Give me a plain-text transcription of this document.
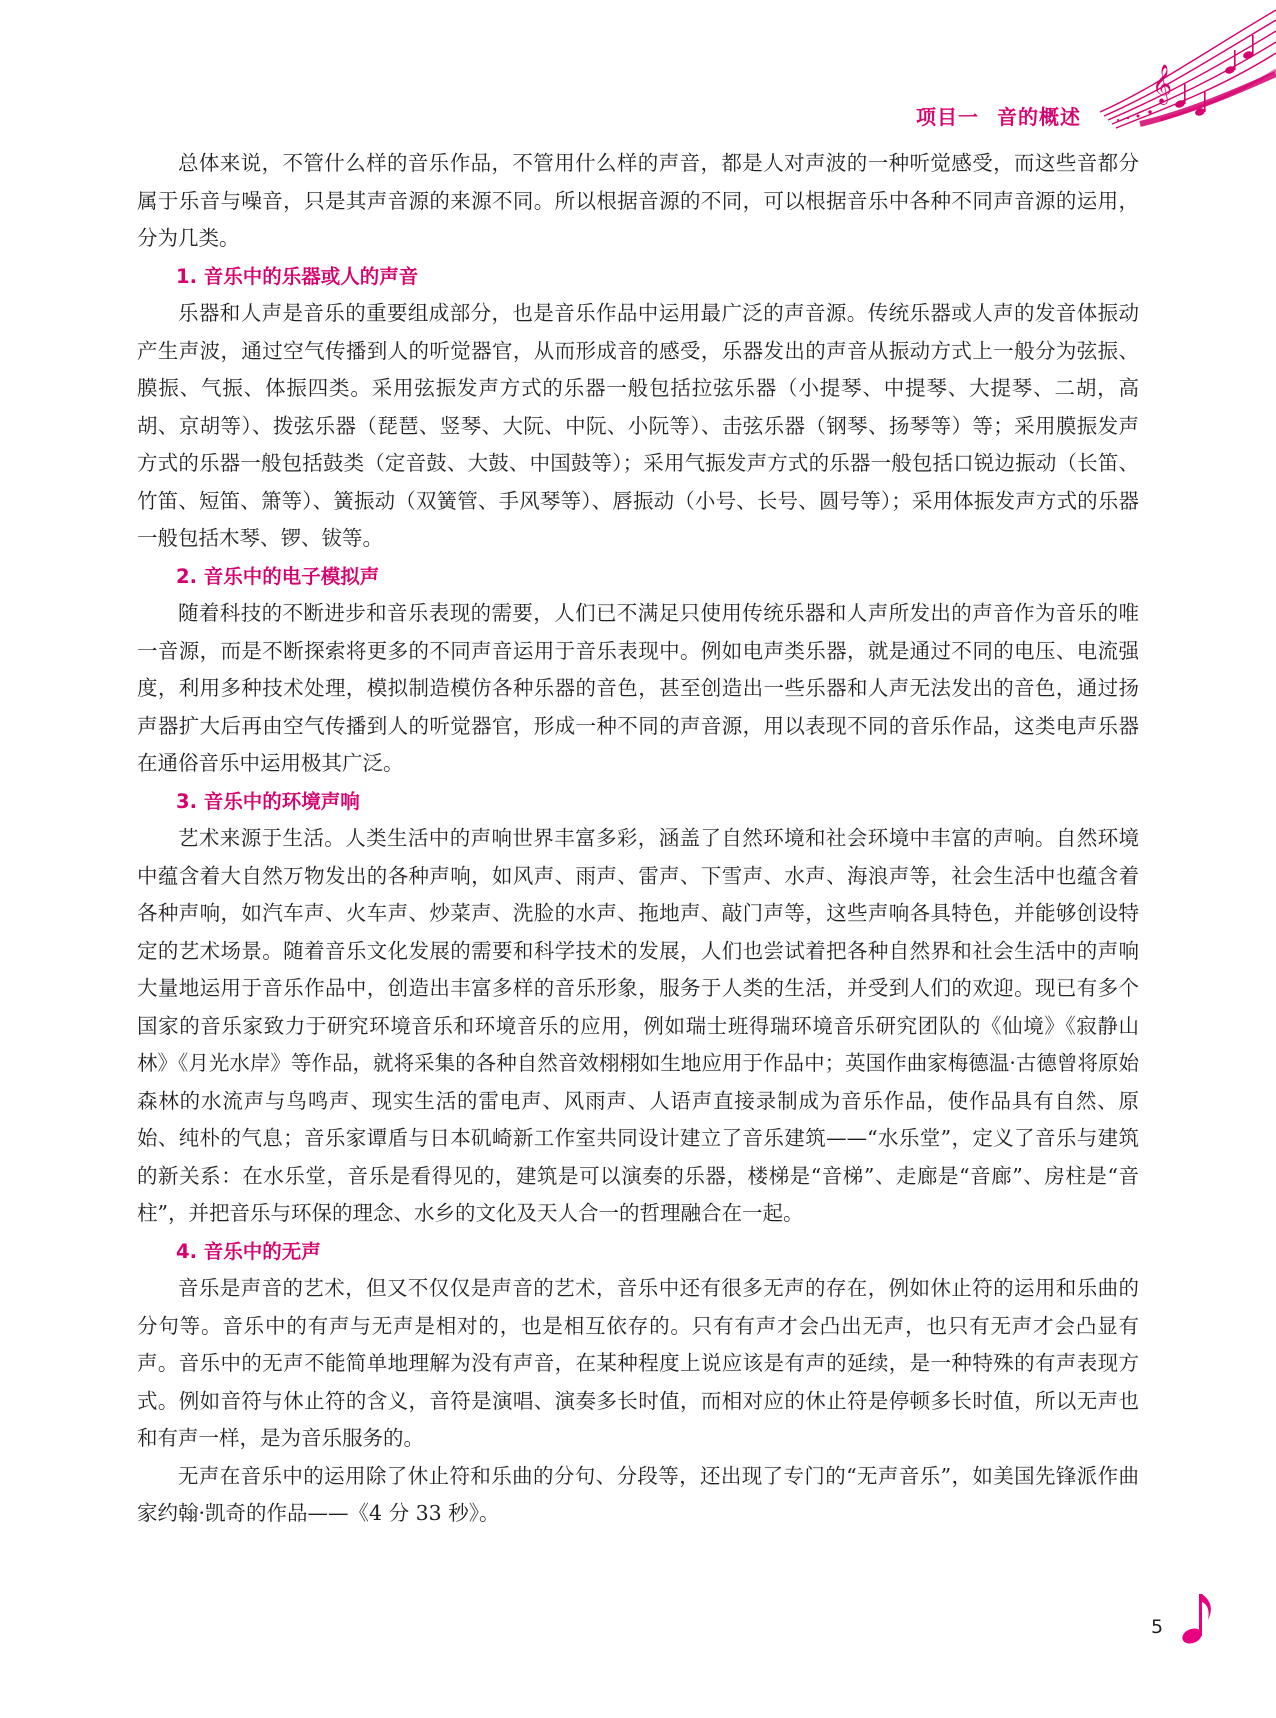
𝄞
项目一 音的概述

总体来说，不管什么样的音乐作品，不管用什么样的声音，都是人对声波的一种听觉感受，而这些音都分属于乐音与噪音，只是其声音源的来源不同。所以根据音源的不同，可以根据音乐中各种不同声音源的运用，分为几类。

1. 音乐中的乐器或人的声音

乐器和人声是音乐的重要组成部分，也是音乐作品中运用最广泛的声音源。传统乐器或人声的发音体振动产生声波，通过空气传播到人的听觉器官，从而形成音的感受，乐器发出的声音从振动方式上一般分为弦振、膜振、气振、体振四类。采用弦振发声方式的乐器一般包括拉弦乐器（小提琴、中提琴、大提琴、二胡，高胡、京胡等）、拨弦乐器（琵琶、竖琴、大阮、中阮、小阮等）、击弦乐器（钢琴、扬琴等）等；采用膜振发声方式的乐器一般包括鼓类（定音鼓、大鼓、中国鼓等）；采用气振发声方式的乐器一般包括口锐边振动（长笛、竹笛、短笛、箫等）、簧振动（双簧管、手风琴等）、唇振动（小号、长号、圆号等）；采用体振发声方式的乐器一般包括木琴、锣、钹等。

2. 音乐中的电子模拟声

随着科技的不断进步和音乐表现的需要，人们已不满足只使用传统乐器和人声所发出的声音作为音乐的唯一音源，而是不断探索将更多的不同声音运用于音乐表现中。例如电声类乐器，就是通过不同的电压、电流强度，利用多种技术处理，模拟制造模仿各种乐器的音色，甚至创造出一些乐器和人声无法发出的音色，通过扬声器扩大后再由空气传播到人的听觉器官，形成一种不同的声音源，用以表现不同的音乐作品，这类电声乐器在通俗音乐中运用极其广泛。

3. 音乐中的环境声响

艺术来源于生活。人类生活中的声响世界丰富多彩，涵盖了自然环境和社会环境中丰富的声响。自然环境中蕴含着大自然万物发出的各种声响，如风声、雨声、雷声、下雪声、水声、海浪声等，社会生活中也蕴含着各种声响，如汽车声、火车声、炒菜声、洗脸的水声、拖地声、敲门声等，这些声响各具特色，并能够创设特定的艺术场景。随着音乐文化发展的需要和科学技术的发展，人们也尝试着把各种自然界和社会生活中的声响大量地运用于音乐作品中，创造出丰富多样的音乐形象，服务于人类的生活，并受到人们的欢迎。现已有多个国家的音乐家致力于研究环境音乐和环境音乐的应用，例如瑞士班得瑞环境音乐研究团队的《仙境》《寂静山林》《月光水岸》等作品，就将采集的各种自然音效栩栩如生地应用于作品中；英国作曲家梅德温·古德曾将原始森林的水流声与鸟鸣声、现实生活的雷电声、风雨声、人语声直接录制成为音乐作品，使作品具有自然、原始、纯朴的气息；音乐家谭盾与日本矶崎新工作室共同设计建立了音乐建筑——“水乐堂”，定义了音乐与建筑的新关系：在水乐堂，音乐是看得见的，建筑是可以演奏的乐器，楼梯是“音梯”、走廊是“音廊”、房柱是“音柱”，并把音乐与环保的理念、水乡的文化及天人合一的哲理融合在一起。

4. 音乐中的无声

音乐是声音的艺术，但又不仅仅是声音的艺术，音乐中还有很多无声的存在，例如休止符的运用和乐曲的分句等。音乐中的有声与无声是相对的，也是相互依存的。只有有声才会凸出无声，也只有无声才会凸显有声。音乐中的无声不能简单地理解为没有声音，在某种程度上说应该是有声的延续，是一种特殊的有声表现方式。例如音符与休止符的含义，音符是演唱、演奏多长时值，而相对应的休止符是停顿多长时值，所以无声也和有声一样，是为音乐服务的。

无声在音乐中的运用除了休止符和乐曲的分句、分段等，还出现了专门的“无声音乐”，如美国先锋派作曲家约翰·凯奇的作品——《4 分 33 秒》。

5
